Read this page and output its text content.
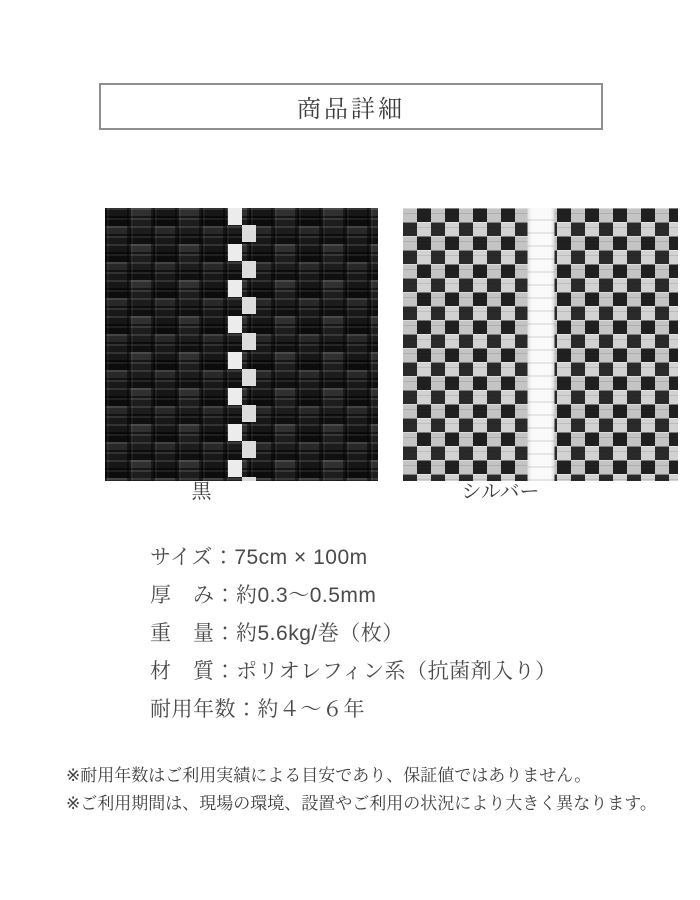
商品詳細
黒	シルバー
サイズ：75cm × 100m
厚　み：約0.3〜0.5mm
重　量：約5.6kg/巻（枚）
材　質：ポリオレフィン系（抗菌剤入り）
耐用年数：約４〜６年
※耐用年数はご利用実績による目安であり、保証値ではありません。
※ご利用期間は、現場の環境、設置やご利用の状況により大きく異なります。
